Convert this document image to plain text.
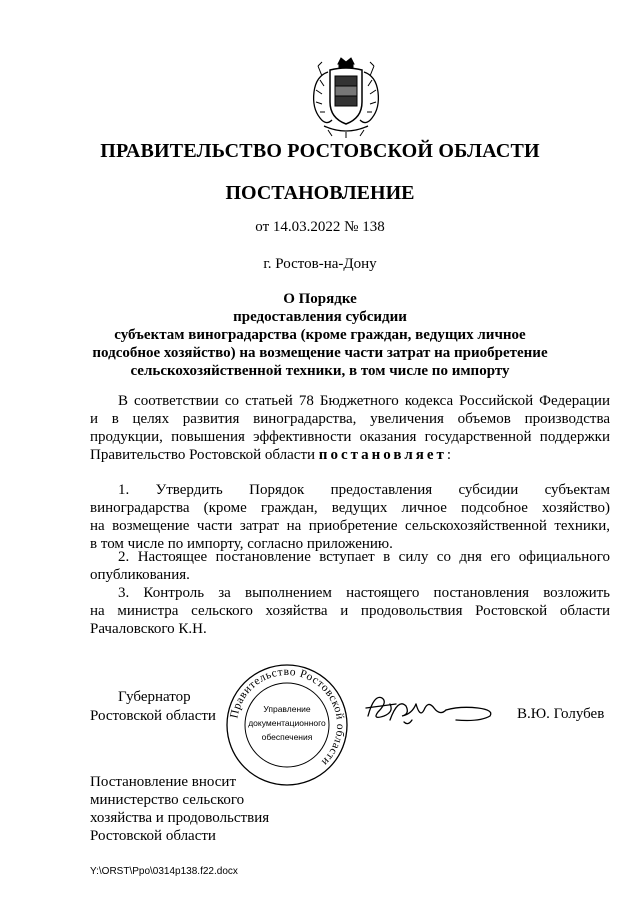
ПРАВИТЕЛЬСТВО РОСТОВСКОЙ ОБЛАСТИ
ПОСТАНОВЛЕНИЕ
от 14.03.2022 № 138
г. Ростов-на-Дону
О Порядке
предоставления субсидии
субъектам виноградарства (кроме граждан, ведущих личное
подсобное хозяйство) на возмещение части затрат на приобретение
сельскохозяйственной техники, в том числе по импорту
В соответствии со статьей 78 Бюджетного кодекса Российской Федерации
и в целях развития виноградарства, увеличения объемов производства
продукции, повышения эффективности оказания государственной поддержки
Правительство Ростовской области постановляет:
1. Утвердить Порядок предоставления субсидии субъектам
виноградарства (кроме граждан, ведущих личное подсобное хозяйство)
на возмещение части затрат на приобретение сельскохозяйственной техники,
в том числе по импорту, согласно приложению.
2. Настоящее постановление вступает в силу со дня его официального
опубликования.
3. Контроль за выполнением настоящего постановления возложить
на министра сельского хозяйства и продовольствия Ростовской области
Рачаловского К.Н.
Губернатор
Ростовской области Правительство Ростовской области
Управление
документационного
обеспечения
В.Ю. Голубев
Постановление вносит
министерство сельского
хозяйства и продовольствия
Ростовской области
Y:\ORST\Ppo\0314p138.f22.docx
